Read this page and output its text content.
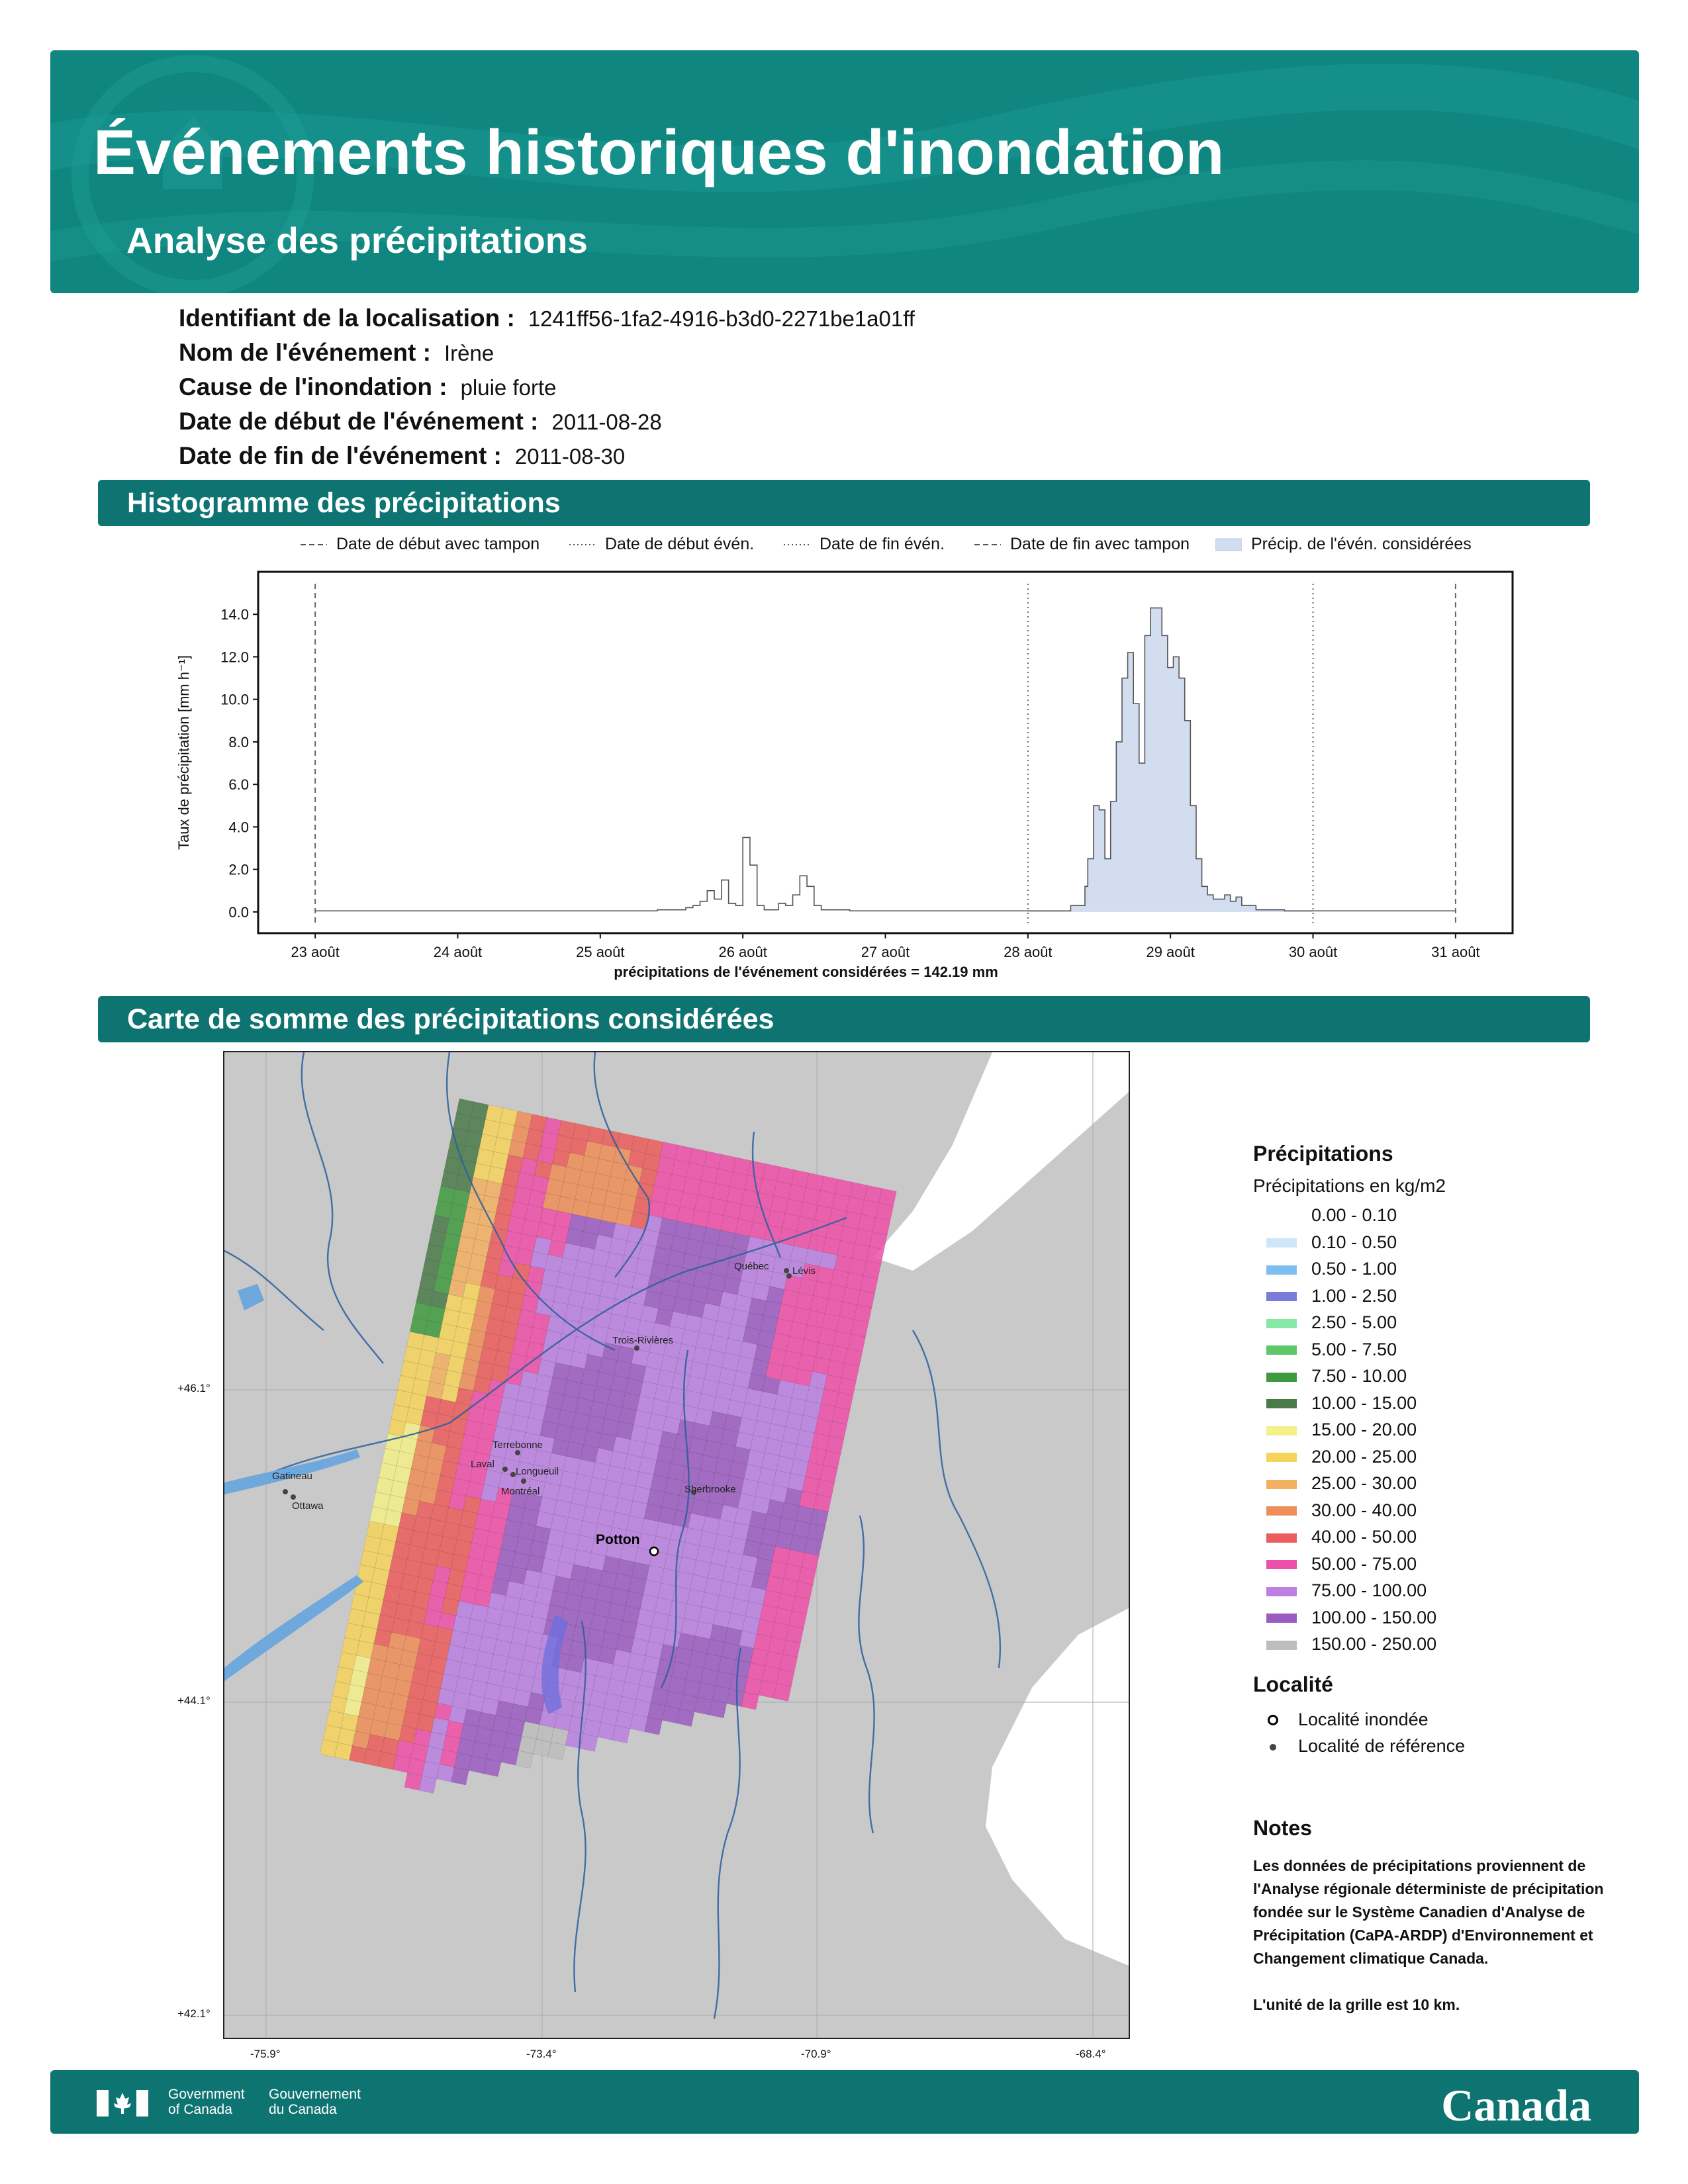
Événements historiques d'inondation
Analyse des précipitations
Identifiant de la localisation : 1241ff56-1fa2-4916-b3d0-2271be1a01ff
Nom de l'événement : Irène
Cause de l'inondation : pluie forte
Date de début de l'événement : 2011-08-28
Date de fin de l'événement : 2011-08-30
Histogramme des précipitations
Date de début avec tampon	Date de début évén.	Date de fin évén.	Date de fin avec tampon	Précip. de l'évén. considérées
0.0
2.0
4.0
6.0
8.0
10.0
12.0
14.0
23 août	24 août	25 août	26 août	27 août	28 août	29 août	30 août	31 août
Taux de précipitation [mm h⁻¹]
précipitations de l'événement considérées = 142.19 mm
Carte de somme des précipitations considérées
Québec Lévis
Trois-Rivières
Terrebonne
Laval
Longueuil
Montréal	Sherbrooke
Gatineau
Ottawa
Potton
-75.9°	-73.4°	-70.9°	-68.4°
+46.1°
+44.1°
+42.1°
Précipitations
Précipitations en kg/m2
0.00 - 0.10
0.10 - 0.50
0.50 - 1.00
1.00 - 2.50
2.50 - 5.00
5.00 - 7.50
7.50 - 10.00
10.00 - 15.00
15.00 - 20.00
20.00 - 25.00
25.00 - 30.00
30.00 - 40.00
40.00 - 50.00
50.00 - 75.00
75.00 - 100.00
100.00 - 150.00
150.00 - 250.00
Localité
Localité inondée
Localité de référence
Notes
Les données de précipitations proviennent de l'Analyse régionale déterministe de précipitation fondée sur le Système Canadien d'Analyse de Précipitation (CaPA-ARDP) d'Environnement et Changement climatique Canada.
L'unité de la grille est 10 km.
Government
of Canada
Gouvernement
du Canada	Canada
